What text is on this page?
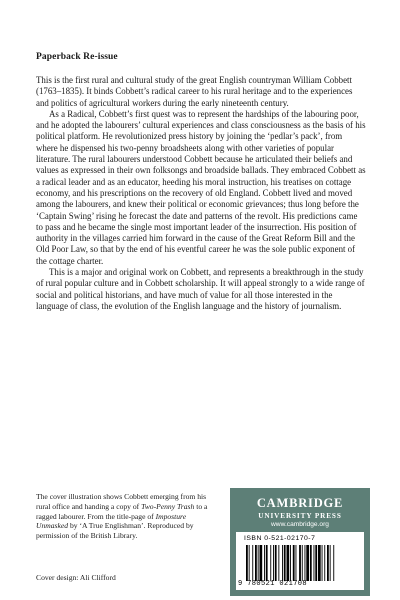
Paperback Re-issue

This is the first rural and cultural study of the great English countryman William Cobbett (1763–1835). It binds Cobbett’s radical career to his rural heritage and to the experiences and politics of agricultural workers during the early nineteenth century.

As a Radical, Cobbett’s first quest was to represent the hardships of the labouring poor, and he adopted the labourers’ cultural experiences and class consciousness as the basis of his political platform. He revolutionized press history by joining the ‘pedlar’s pack’, from where he dispensed his two-penny broadsheets along with other varieties of popular literature. The rural labourers understood Cobbett because he articulated their beliefs and values as expressed in their own folksongs and broadside ballads. They embraced Cobbett as a radical leader and as an educator, heeding his moral instruction, his treatises on cottage economy, and his prescriptions on the recovery of old England. Cobbett lived and moved among the labourers, and knew their political or economic grievances; thus long before the ‘Captain Swing’ rising he forecast the date and patterns of the revolt. His predictions came to pass and he became the single most important leader of the insurrection. His position of authority in the villages carried him forward in the cause of the Great Reform Bill and the Old Poor Law, so that by the end of his eventful career he was the sole public exponent of the cottage charter.

This is a major and original work on Cobbett, and represents a breakthrough in the study of rural popular culture and in Cobbett scholarship. It will appeal strongly to a wide range of social and political historians, and have much of value for all those interested in the language of class, the evolution of the English language and the history of journalism.

The cover illustration shows Cobbett emerging from his rural office and handing a copy of Two-Penny Trash to a ragged labourer. From the title-page of Imposture Unmasked by ‘A True Englishman’. Reproduced by permission of the British Library.
Cover design: Ali Clifford
CAMBRIDGE
UNIVERSITY PRESS
www.cambridge.org
ISBN 0-521-02170-7
9 780521 021708
